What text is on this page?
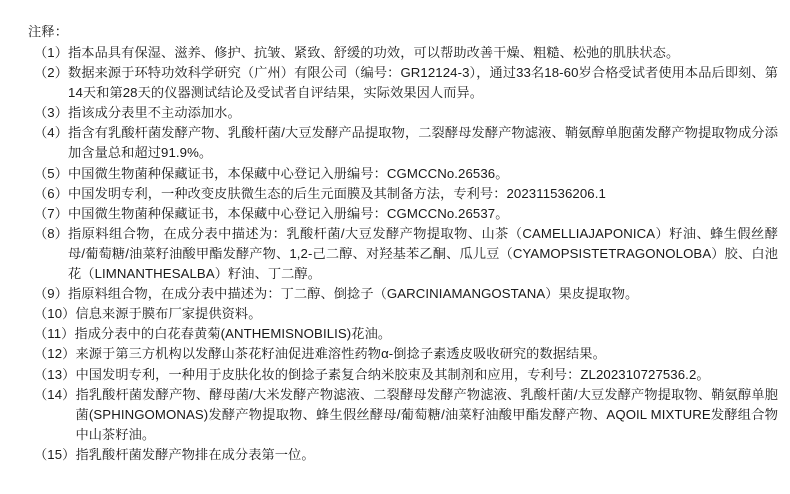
注释：

（1） 指本品具有保湿、滋养、修护、抗皱、紧致、舒缓的功效，可以帮助改善干燥、粗糙、松弛的肌肤状态。
（2） 数据来源于环特功效科学研究（广州）有限公司（编号：GR12124-3），通过33名18-60岁合格受试者使用本品后即刻、第14天和第28天的仪器测试结论及受试者自评结果，实际效果因人而异。
（3） 指该成分表里不主动添加水。
（4） 指含有乳酸杆菌发酵产物、乳酸杆菌/大豆发酵产品提取物，二裂酵母发酵产物滤液、鞘氨醇单胞菌发酵产物提取物成分添加含量总和超过91.9%。
（5） 中国微生物菌种保藏证书，本保藏中心登记入册编号：CGMCCNo.26536。
（6） 中国发明专利，一种改变皮肤微生态的后生元面膜及其制备方法，专利号：202311536206.1
（7） 中国微生物菌种保藏证书，本保藏中心登记入册编号：CGMCCNo.26537。
（8） 指原料组合物，在成分表中描述为：乳酸杆菌/大豆发酵产物提取物、山茶（CAMELLIAJAPONICA）籽油、蜂生假丝酵母/葡萄糖/油菜籽油酸甲酯发酵产物、1,2-己二醇、对羟基苯乙酮、瓜儿豆（CYAMOPSISTETRAGONOLOBA）胶、白池花（LIMNANTHESALBA）籽油、丁二醇。
（9） 指原料组合物，在成分表中描述为：丁二醇、倒捻子（GARCINIAMANGOSTANA）果皮提取物。
（10） 信息来源于膜布厂家提供资料。
（11） 指成分表中的白花春黄菊(ANTHEMISNOBILIS)花油。
（12） 来源于第三方机构以发酵山茶花籽油促进难溶性药物α-倒捻子素透皮吸收研究的数据结果。
（13） 中国发明专利，一种用于皮肤化妆的倒捻子素复合纳米胶束及其制剂和应用，专利号：ZL202310727536.2。
（14） 指乳酸杆菌发酵产物、酵母菌/大米发酵产物滤液、二裂酵母发酵产物滤液、乳酸杆菌/大豆发酵产物提取物、鞘氨醇单胞菌(SPHINGOMONAS)发酵产物提取物、蜂生假丝酵母/葡萄糖/油菜籽油酸甲酯发酵产物、AQOIL MIXTURE发酵组合物中山茶籽油。
（15） 指乳酸杆菌发酵产物排在成分表第一位。
